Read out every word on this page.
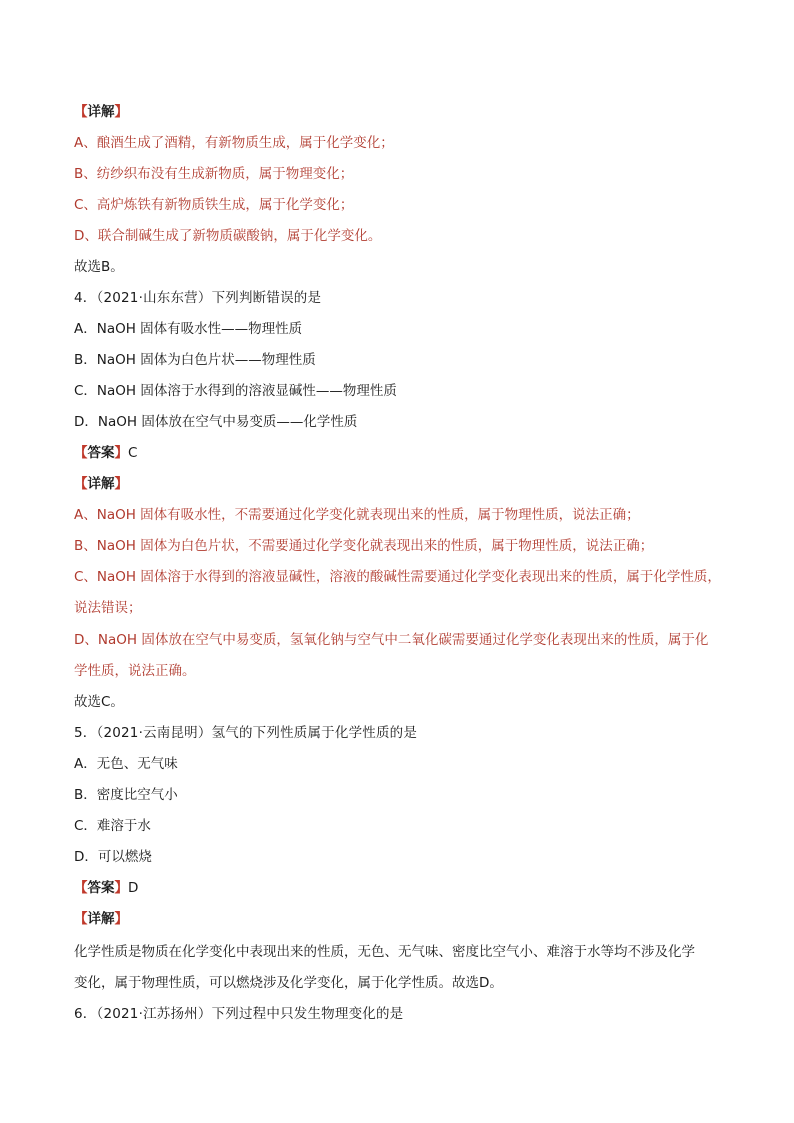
【详解】
A、酿酒生成了酒精，有新物质生成，属于化学变化；
B、纺纱织布没有生成新物质，属于物理变化；
C、高炉炼铁有新物质铁生成，属于化学变化；
D、联合制碱生成了新物质碳酸钠，属于化学变化。
故选B。
4．（2021·山东东营）下列判断错误的是
A．NaOH 固体有吸水性——物理性质
B．NaOH 固体为白色片状——物理性质
C．NaOH 固体溶于水得到的溶液显碱性——物理性质
D．NaOH 固体放在空气中易变质——化学性质
【答案】C
【详解】
A、NaOH 固体有吸水性，不需要通过化学变化就表现出来的性质，属于物理性质，说法正确；
B、NaOH 固体为白色片状，不需要通过化学变化就表现出来的性质，属于物理性质，说法正确；
C、NaOH 固体溶于水得到的溶液显碱性，溶液的酸碱性需要通过化学变化表现出来的性质，属于化学性质，
说法错误；
D、NaOH 固体放在空气中易变质，氢氧化钠与空气中二氧化碳需要通过化学变化表现出来的性质，属于化
学性质，说法正确。
故选C。
5．（2021·云南昆明）氢气的下列性质属于化学性质的是
A．无色、无气味
B．密度比空气小
C．难溶于水
D．可以燃烧
【答案】D
【详解】
化学性质是物质在化学变化中表现出来的性质，无色、无气味、密度比空气小、难溶于水等均不涉及化学
变化，属于物理性质，可以燃烧涉及化学变化，属于化学性质。故选D。
6．（2021·江苏扬州）下列过程中只发生物理变化的是
